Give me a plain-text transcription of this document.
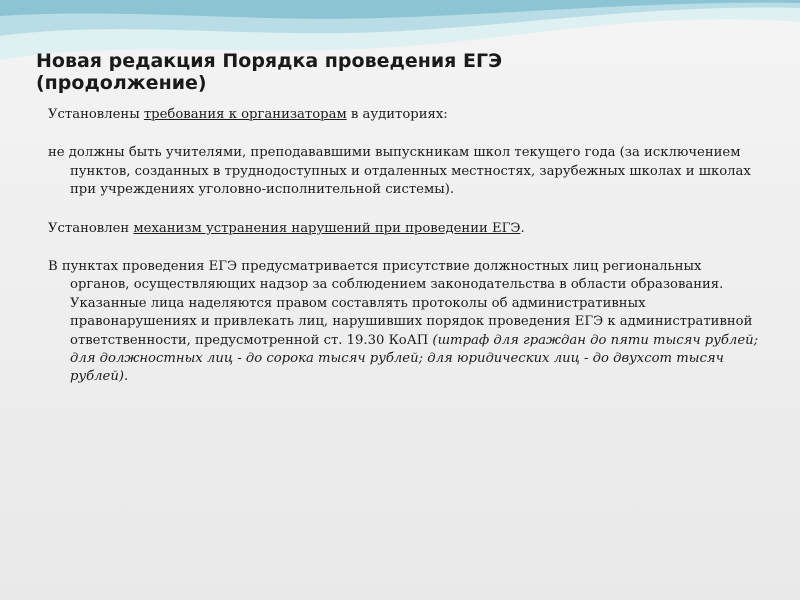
Новая редакция Порядка проведения ЕГЭ
(продолжение)

Установлены требования к организаторам в аудиториях:

не должны быть учителями, преподававшими выпускникам школ текущего года (за исключением пунктов, созданных в труднодоступных и отдаленных местностях, зарубежных школах и школах при учреждениях уголовно-исполнительной системы).

Установлен механизм устранения нарушений при проведении ЕГЭ.

В пунктах проведения ЕГЭ предусматривается присутствие должностных лиц региональных органов, осуществляющих надзор за соблюдением законодательства в области образования. Указанные лица наделяются правом составлять протоколы об административных правонарушениях и привлекать лиц, нарушивших порядок проведения ЕГЭ к административной ответственности, предусмотренной ст. 19.30 КоАП (штраф для граждан до пяти тысяч рублей; для должностных лиц - до сорока тысяч рублей; для юридических лиц - до двухсот тысяч рублей).
